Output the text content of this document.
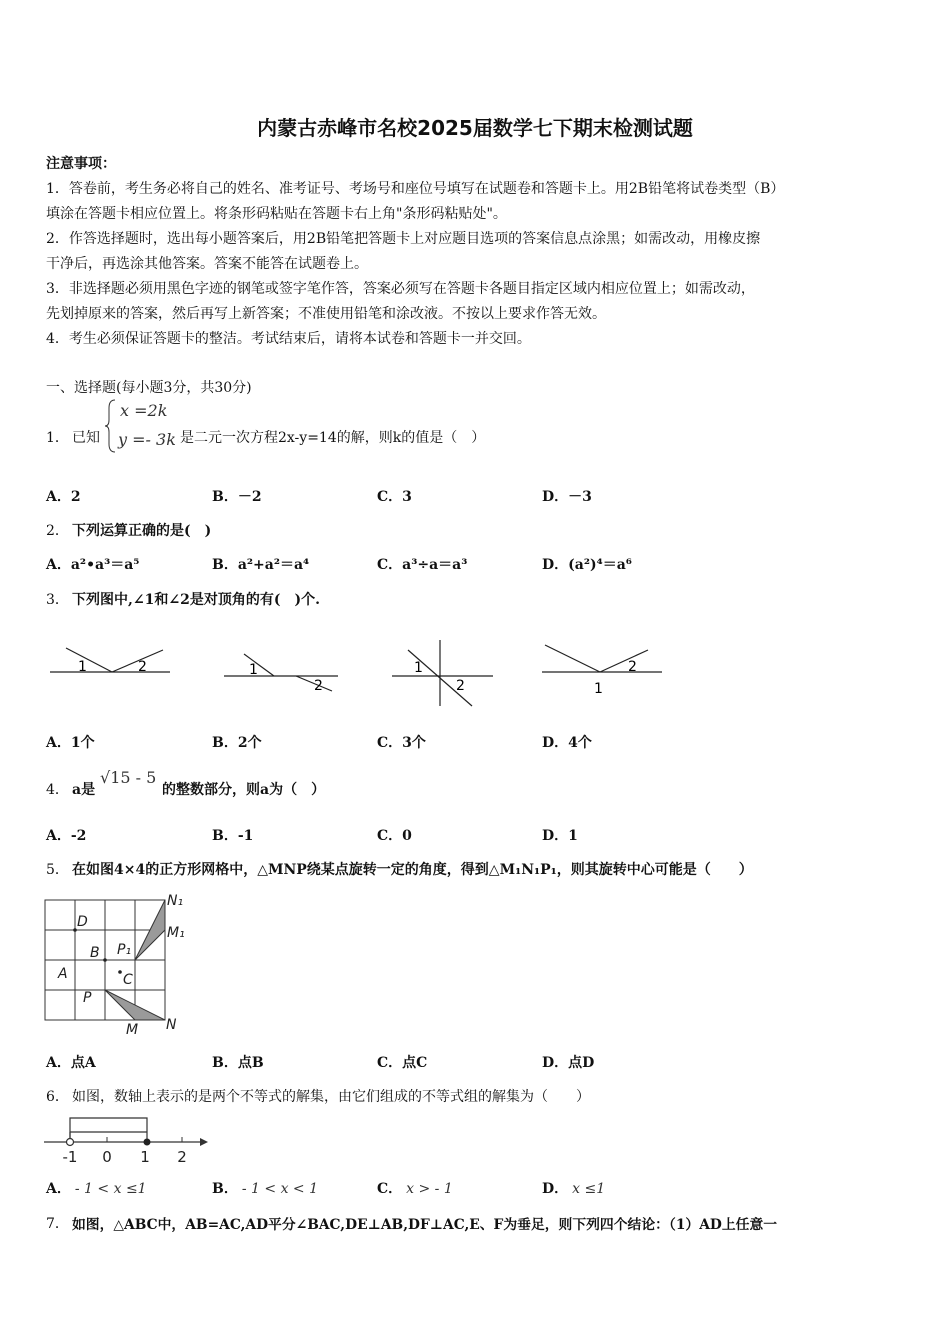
内蒙古赤峰市名校2025届数学七下期末检测试题
注意事项：
1．答卷前，考生务必将自己的姓名、准考证号、考场号和座位号填写在试题卷和答题卡上。用2B铅笔将试卷类型（B）
填涂在答题卡相应位置上。将条形码粘贴在答题卡右上角"条形码粘贴处"。
2．作答选择题时，选出每小题答案后，用2B铅笔把答题卡上对应题目选项的答案信息点涂黑；如需改动，用橡皮擦
干净后，再选涂其他答案。答案不能答在试题卷上。
3．非选择题必须用黑色字迹的钢笔或签字笔作答，答案必须写在答题卡各题目指定区域内相应位置上；如需改动，
先划掉原来的答案，然后再写上新答案；不准使用铅笔和涂改液。不按以上要求作答无效。
4．考生必须保证答题卡的整洁。考试结束后，请将本试卷和答题卡一并交回。
一、选择题(每小题3分，共30分)
1． 已知
x =2k
y =- 3k 是二元一次方程2x-y=14的解，则k的值是（　）
A．2	B．－2	C．3	D．－3
2． 下列运算正确的是(　)
A．a²•a³＝a⁵	B．a²+a²＝a⁴	C．a³÷a＝a³	D．(a²)⁴＝a⁶
3． 下列图中,∠1和∠2是对顶角的有(　)个.
1	2	1
2
1
2
2
1
A．1个	B．2个	C．3个	D．4个
4． a是
√15 - 5
的整数部分，则a为（　）
A．-2	B．-1	C．0	D．1
5． 在如图4×4的正方形网格中，△MNP绕某点旋转一定的角度，得到△M₁N₁P₁，则其旋转中心可能是（　　）
D
B P₁
A	C
P
M N
N₁
M₁
A．点A	B．点B	C．点C	D．点D
6． 如图，数轴上表示的是两个不等式的解集，由它们组成的不等式组的解集为（　　）
-1 0 1 2
A． - 1 < x ≤1	B． - 1 < x < 1	C． x > - 1	D． x ≤1
7． 如图，△ABC中，AB=AC,AD平分∠BAC,DE⊥AB,DF⊥AC,E、F为垂足，则下列四个结论：（1）AD上任意一
